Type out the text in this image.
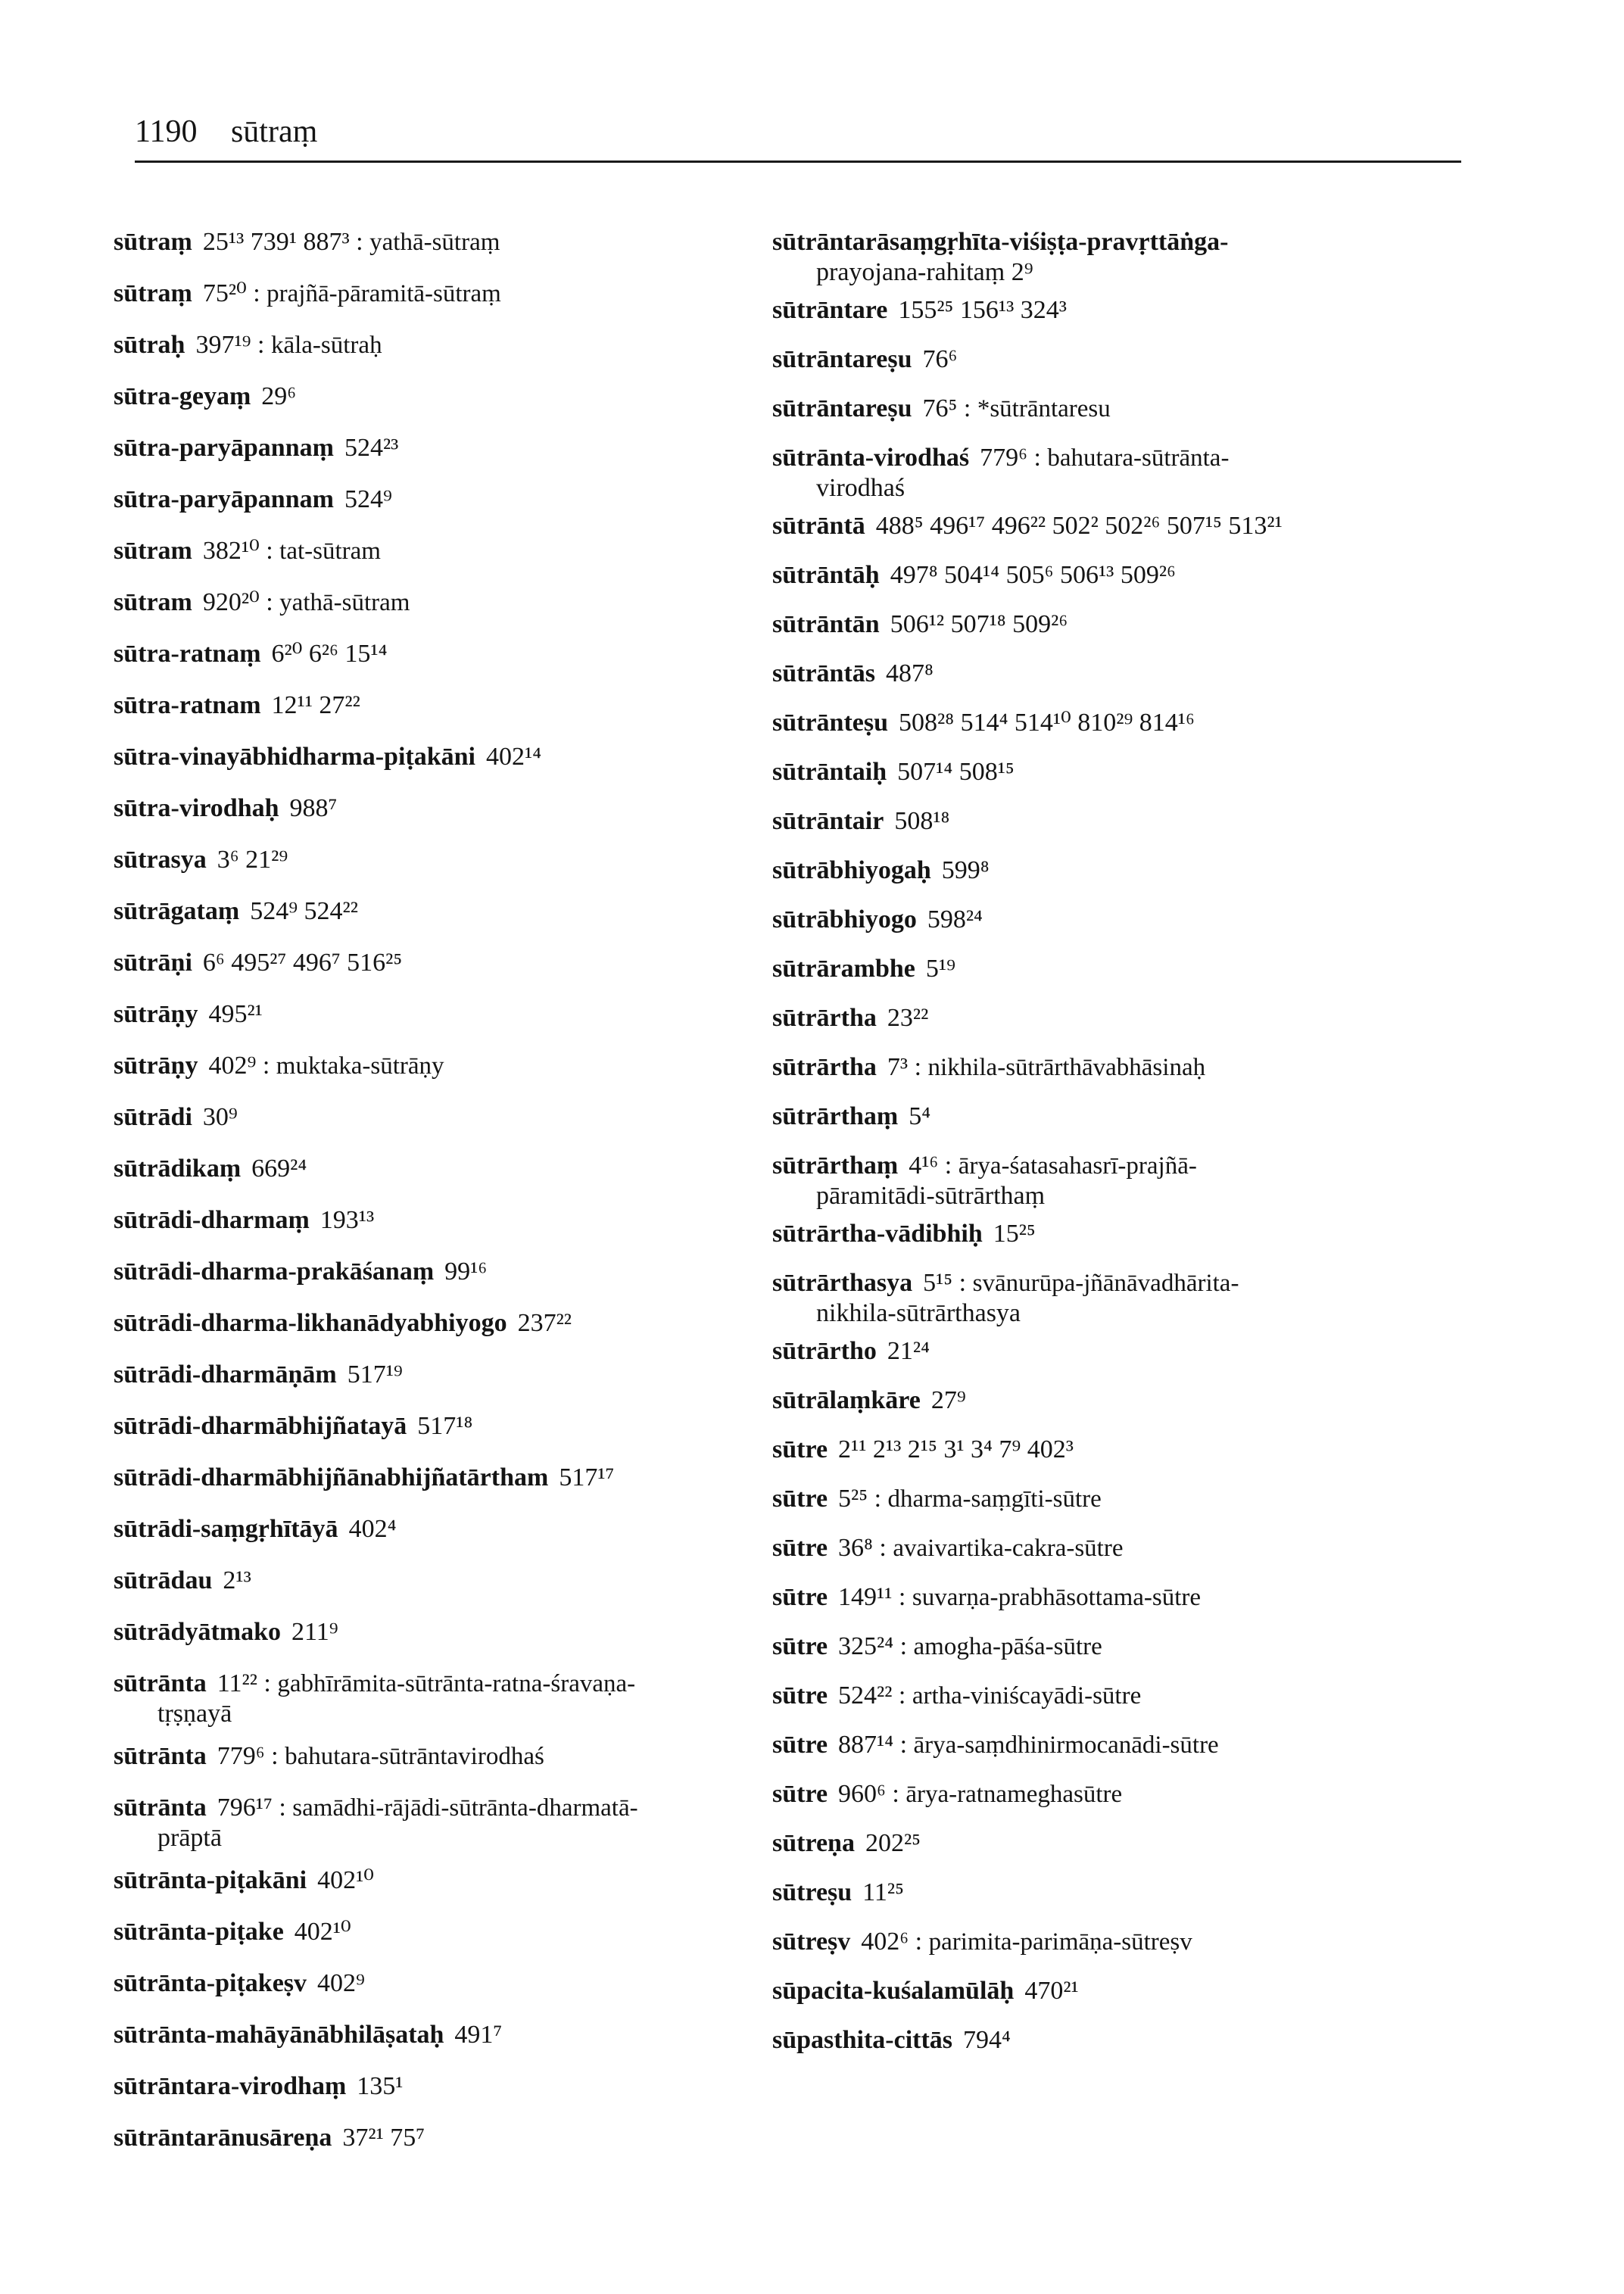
1190 sūtraṃ
sūtraṃ 25¹³ 739¹ 887³ : yathā-sūtraṃ
sūtraṃ 75²⁰ : prajñā-pāramitā-sūtraṃ
sūtraḥ 397¹⁹ : kāla-sūtraḥ
sūtra-geyaṃ 29⁶
sūtra-paryāpannaṃ 524²³
sūtra-paryāpannam 524⁹
sūtram 382¹⁰ : tat-sūtram
sūtram 920²⁰ : yathā-sūtram
sūtra-ratnaṃ 6²⁰ 6²⁶ 15¹⁴
sūtra-ratnam 12¹¹ 27²²
sūtra-vinayābhidharma-piṭakāni 402¹⁴
sūtra-virodhaḥ 988⁷
sūtrasya 3⁶ 21²⁹
sūtrāgataṃ 524⁹ 524²²
sūtrāṇi 6⁶ 495²⁷ 496⁷ 516²⁵
sūtrāṇy 495²¹
sūtrāṇy 402⁹ : muktaka-sūtrāṇy
sūtrādi 30⁹
sūtrādikaṃ 669²⁴
sūtrādi-dharmaṃ 193¹³
sūtrādi-dharma-prakāśanaṃ 99¹⁶
sūtrādi-dharma-likhanādyabhiyogo 237²²
sūtrādi-dharmāṇām 517¹⁹
sūtrādi-dharmābhijñatayā 517¹⁸
sūtrādi-dharmābhijñānabhijñatārtham 517¹⁷
sūtrādi-saṃgṛhītāyā 402⁴
sūtrādau 2¹³
sūtrādyātmako 211⁹
sūtrānta 11²² : gabhīrāmita-sūtrānta-ratna-śravaṇa-
tṛṣṇayā
sūtrānta 779⁶ : bahutara-sūtrāntavirodhaś
sūtrānta 796¹⁷ : samādhi-rājādi-sūtrānta-dharmatā-
prāptā
sūtrānta-piṭakāni 402¹⁰
sūtrānta-piṭake 402¹⁰
sūtrānta-piṭakeṣv 402⁹
sūtrānta-mahāyānābhilāṣataḥ 491⁷
sūtrāntara-virodhaṃ 135¹
sūtrāntarānusāreṇa 37²¹ 75⁷
sūtrāntarāsaṃgṛhīta-viśiṣṭa-pravṛttāṅga-
prayojana-rahitaṃ 2⁹
sūtrāntare 155²⁵ 156¹³ 324³
sūtrāntareṣu 76⁶
sūtrāntareṣu 76⁵ : *sūtrāntaresu
sūtrānta-virodhaś 779⁶ : bahutara-sūtrānta-
virodhaś
sūtrāntā 488⁵ 496¹⁷ 496²² 502² 502²⁶ 507¹⁵ 513²¹
sūtrāntāḥ 497⁸ 504¹⁴ 505⁶ 506¹³ 509²⁶
sūtrāntān 506¹² 507¹⁸ 509²⁶
sūtrāntās 487⁸
sūtrānteṣu 508²⁸ 514⁴ 514¹⁰ 810²⁹ 814¹⁶
sūtrāntaiḥ 507¹⁴ 508¹⁵
sūtrāntair 508¹⁸
sūtrābhiyogaḥ 599⁸
sūtrābhiyogo 598²⁴
sūtrārambhe 5¹⁹
sūtrārtha 23²²
sūtrārtha 7³ : nikhila-sūtrārthāvabhāsinaḥ
sūtrārthaṃ 5⁴
sūtrārthaṃ 4¹⁶ : ārya-śatasahasrī-prajñā-
pāramitādi-sūtrārthaṃ
sūtrārtha-vādibhiḥ 15²⁵
sūtrārthasya 5¹⁵ : svānurūpa-jñānāvadhārita-
nikhila-sūtrārthasya
sūtrārtho 21²⁴
sūtrālaṃkāre 27⁹
sūtre 2¹¹ 2¹³ 2¹⁵ 3¹ 3⁴ 7⁹ 402³
sūtre 5²⁵ : dharma-saṃgīti-sūtre
sūtre 36⁸ : avaivartika-cakra-sūtre
sūtre 149¹¹ : suvarṇa-prabhāsottama-sūtre
sūtre 325²⁴ : amogha-pāśa-sūtre
sūtre 524²² : artha-viniścayādi-sūtre
sūtre 887¹⁴ : ārya-saṃdhinirmocanādi-sūtre
sūtre 960⁶ : ārya-ratnameghasūtre
sūtreṇa 202²⁵
sūtreṣu 11²⁵
sūtreṣv 402⁶ : parimita-parimāṇa-sūtreṣv
sūpacita-kuśalamūlāḥ 470²¹
sūpasthita-cittās 794⁴
